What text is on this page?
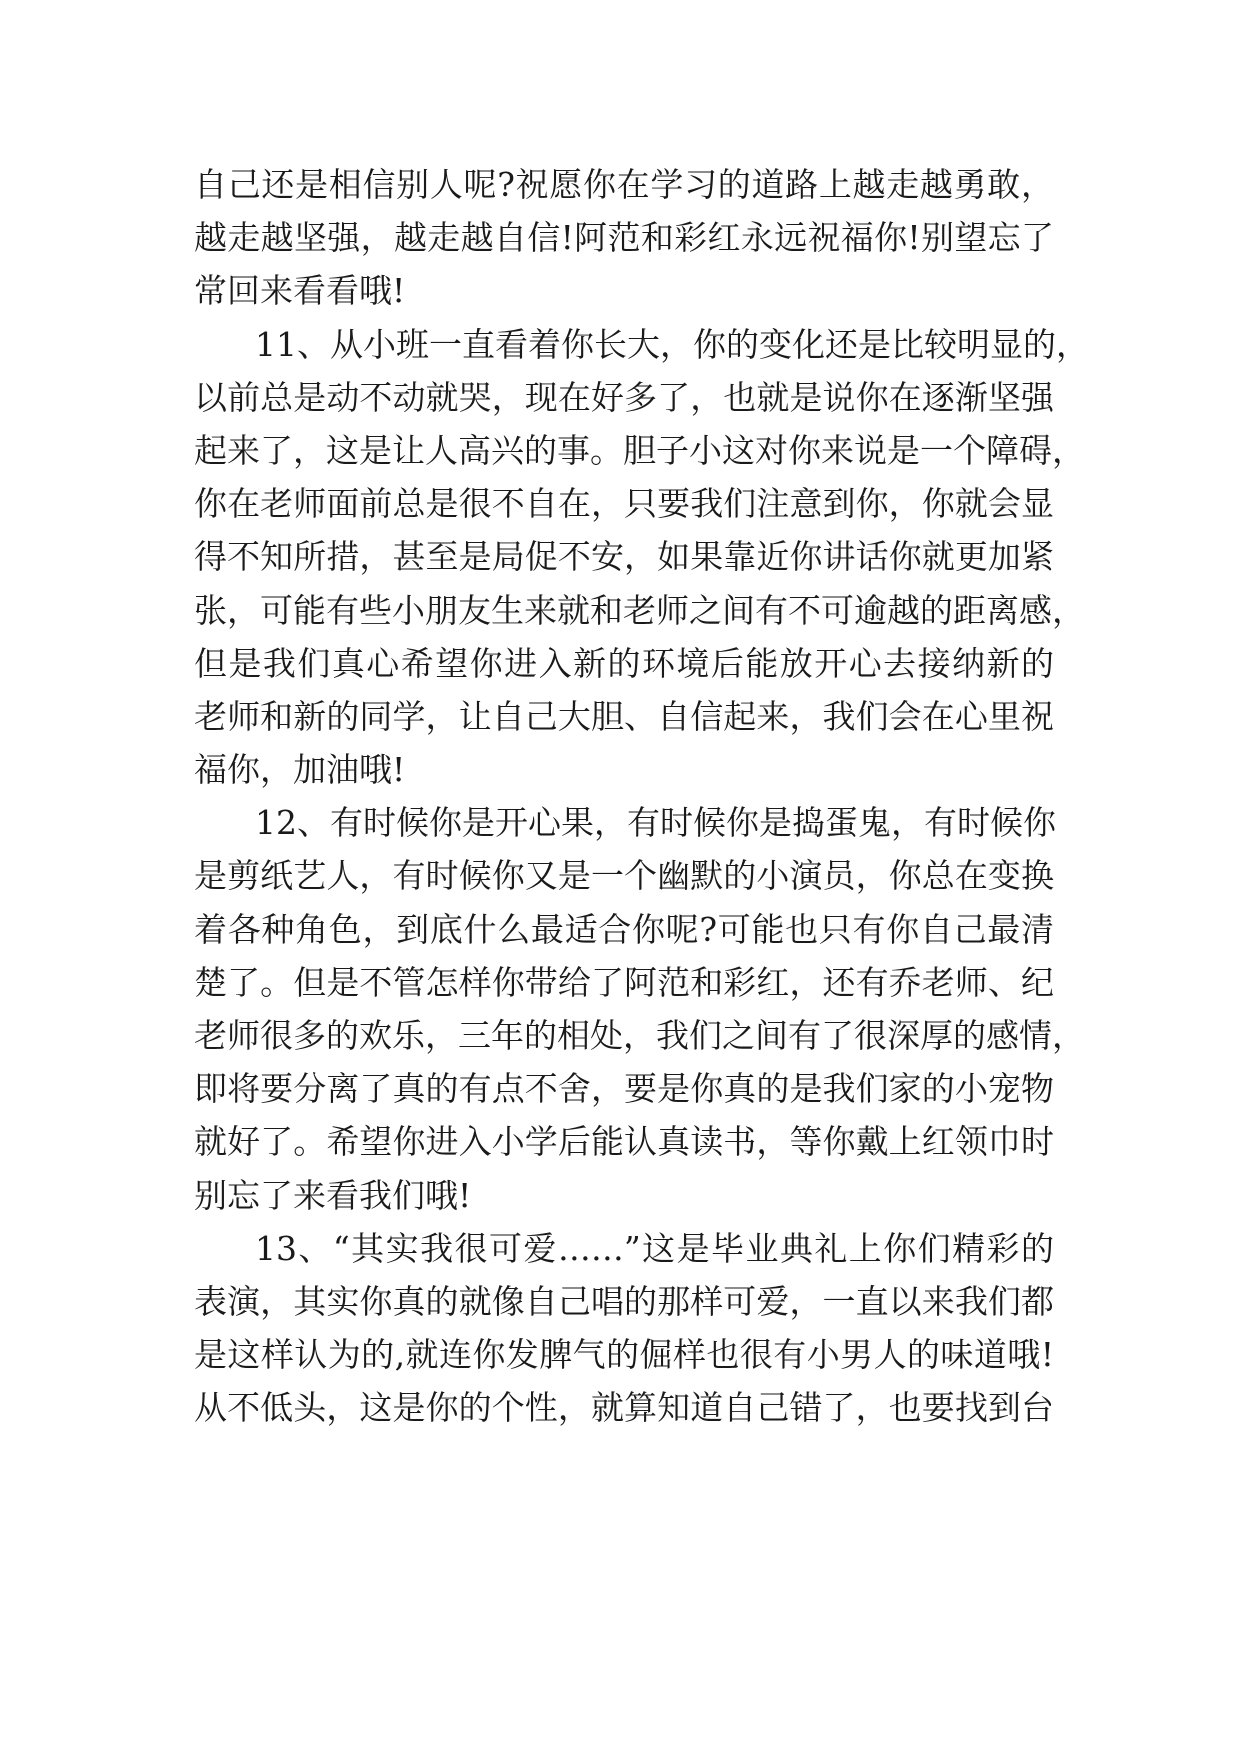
自己还是相信别人呢?祝愿你在学习的道路上越走越勇敢，
越走越坚强，越走越自信!阿范和彩红永远祝福你!别望忘了
常回来看看哦!
11、从小班一直看着你长大，你的变化还是比较明显的，
以前总是动不动就哭，现在好多了，也就是说你在逐渐坚强
起来了，这是让人高兴的事。胆子小这对你来说是一个障碍，
你在老师面前总是很不自在，只要我们注意到你，你就会显
得不知所措，甚至是局促不安，如果靠近你讲话你就更加紧
张，可能有些小朋友生来就和老师之间有不可逾越的距离感，
但是我们真心希望你进入新的环境后能放开心去接纳新的
老师和新的同学，让自己大胆、自信起来，我们会在心里祝
福你，加油哦!
12、有时候你是开心果，有时候你是捣蛋鬼，有时候你
是剪纸艺人，有时候你又是一个幽默的小演员，你总在变换
着各种角色，到底什么最适合你呢?可能也只有你自己最清
楚了。但是不管怎样你带给了阿范和彩红，还有乔老师、纪
老师很多的欢乐，三年的相处，我们之间有了很深厚的感情，
即将要分离了真的有点不舍，要是你真的是我们家的小宠物
就好了。希望你进入小学后能认真读书，等你戴上红领巾时
别忘了来看我们哦!
13、“其实我很可爱……”这是毕业典礼上你们精彩的
表演，其实你真的就像自己唱的那样可爱，一直以来我们都
是这样认为的,就连你发脾气的倔样也很有小男人的味道哦!
从不低头，这是你的个性，就算知道自己错了，也要找到台
